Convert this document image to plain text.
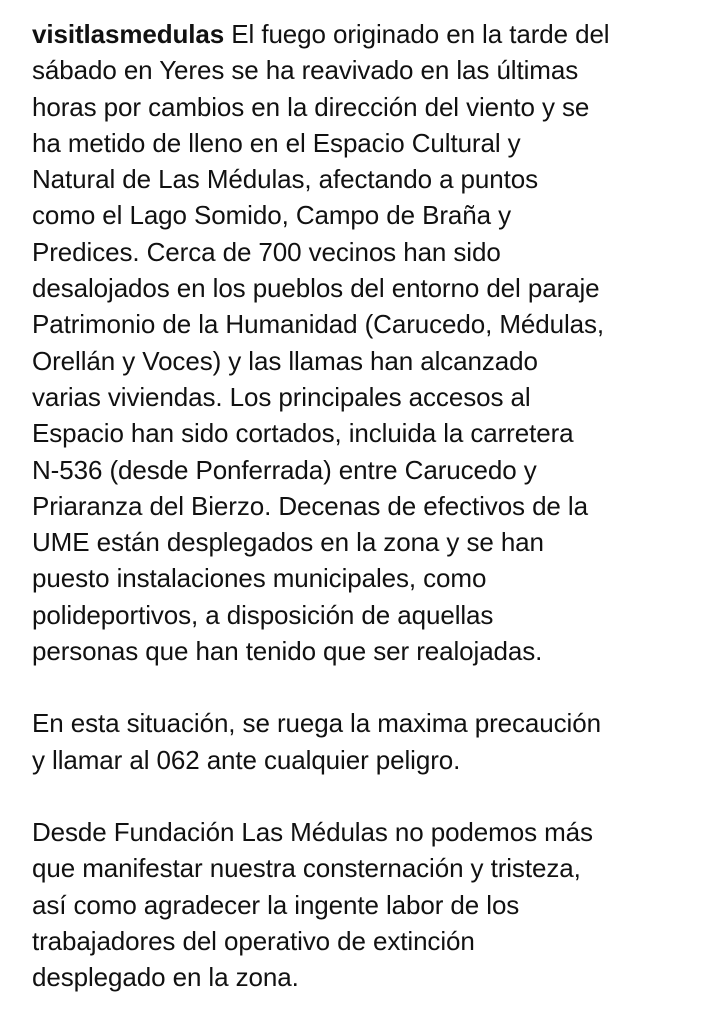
visitlasmedulas El fuego originado en la tarde del
sábado en Yeres se ha reavivado en las últimas
horas por cambios en la dirección del viento y se
ha metido de lleno en el Espacio Cultural y
Natural de Las Médulas, afectando a puntos
como el Lago Somido, Campo de Braña y
Predices. Cerca de 700 vecinos han sido
desalojados en los pueblos del entorno del paraje
Patrimonio de la Humanidad (Carucedo, Médulas,
Orellán y Voces) y las llamas han alcanzado
varias viviendas. Los principales accesos al
Espacio han sido cortados, incluida la carretera
N-536 (desde Ponferrada) entre Carucedo y
Priaranza del Bierzo. Decenas de efectivos de la
UME están desplegados en la zona y se han
puesto instalaciones municipales, como
polideportivos, a disposición de aquellas
personas que han tenido que ser realojadas.

En esta situación, se ruega la maxima precaución
y llamar al 062 ante cualquier peligro.

Desde Fundación Las Médulas no podemos más
que manifestar nuestra consternación y tristeza,
así como agradecer la ingente labor de los
trabajadores del operativo de extinción
desplegado en la zona.
